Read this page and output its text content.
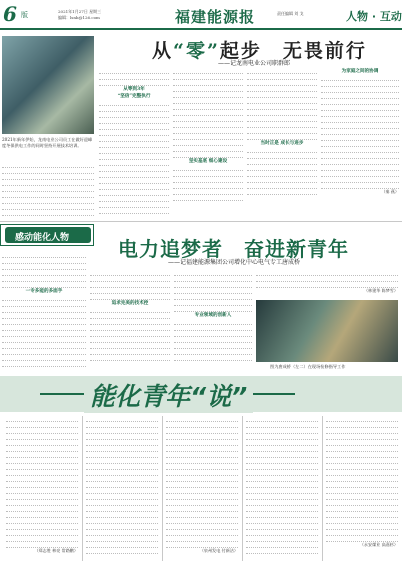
6 版	2021年1月27日 星期三
编辑：lsnb@126.com	福建能源报	责任编辑 刘 戈	人物 · 互动
2021年新年伊始，龙南电业公司员工在做好迎峰度冬保供电工作的同时坚持开展技术培训。
从“零”起步　无畏前行
——记龙南电业公司职群郎
从零到3年
“坚信”完整执行
坚实基底 细心建设
当时正是 成长与进步
为家庭之间的协调
（秦 燕）
感动能化人物 电力追梦者　奋进新青年
——记福建能源集团公司增化中心电气专工唐成桥
一专多能的多面手
追求完美的技术控
专业领域的创新人
（林建华 陈梦雪）
图为唐成桥（左二）在现场检修指导工作
能化青年“说”
（郑志胜 林亮 常路鹏）	（泉州发电 付新洁）
（永安煤业 高嘉杉）
